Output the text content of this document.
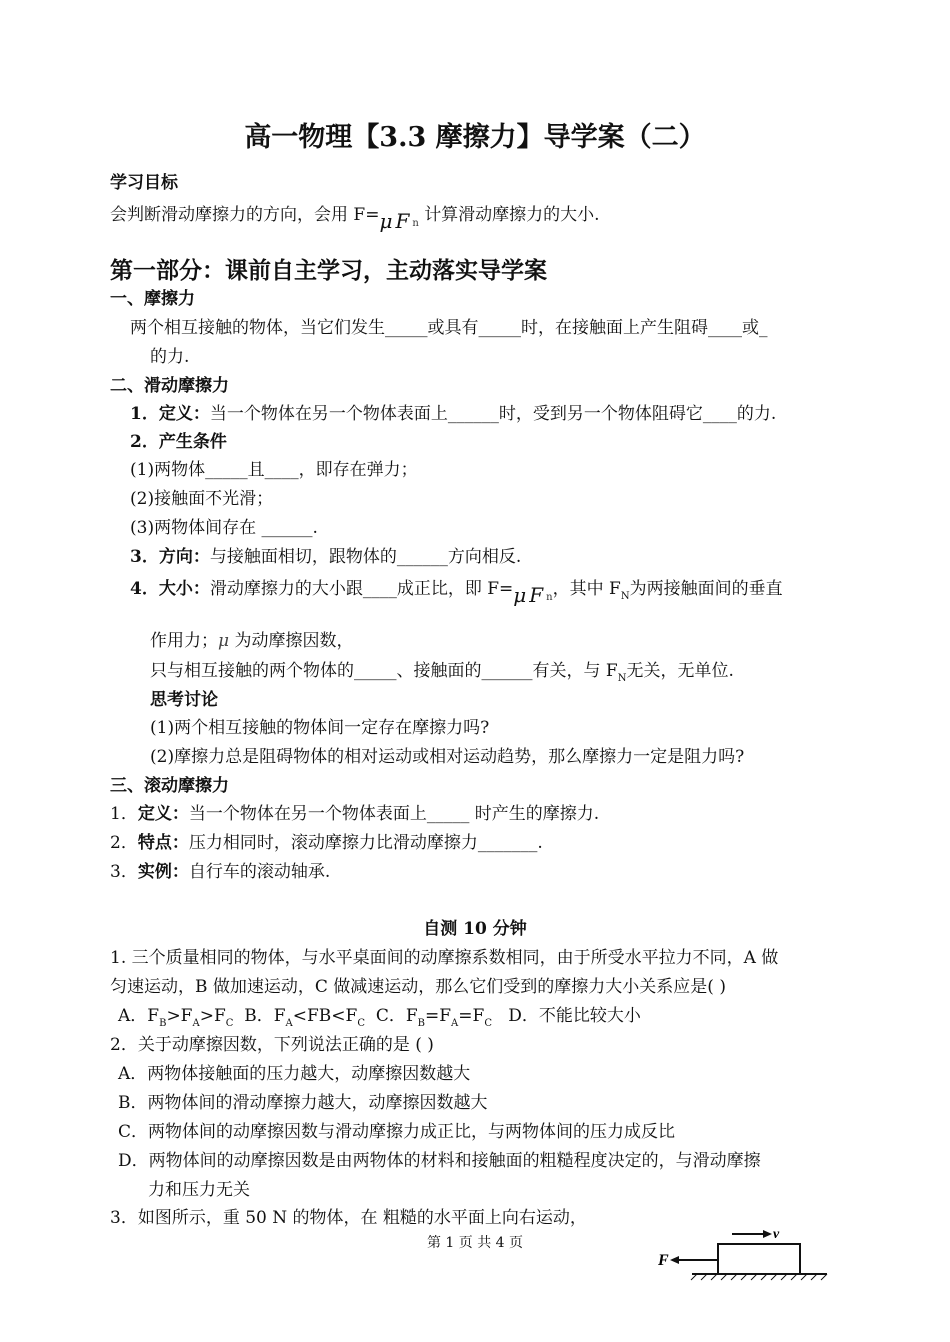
高一物理【3.3 摩擦力】导学案（二）
学习目标
会判断滑动摩擦力的方向，会用 $F=\mu F_n$ 计算滑动摩擦力的大小.
第一部分：课前自主学习，主动落实导学案
一、摩擦力
两个相互接触的物体，当它们发生_____或具有_____时，在接触面上产生阻碍____或_
的力.
二、滑动摩擦力
1．定义：当一个物体在另一个物体表面上______时，受到另一个物体阻碍它____的力.
2．产生条件
(1)两物体_____且____，即存在弹力；
(2)接触面不光滑；
(3)两物体间存在 ______.
3．方向：与接触面相切，跟物体的______方向相反.
4．大小：滑动摩擦力的大小跟____成正比，即 $F=\mu F_n$，其中 $F_N$为两接触面间的垂直
作用力；μ 为动摩擦因数，
只与相互接触的两个物体的_____、接触面的______有关，与 $F_N$无关，无单位.
思考讨论
(1)两个相互接触的物体间一定存在摩擦力吗?
(2)摩擦力总是阻碍物体的相对运动或相对运动趋势，那么摩擦力一定是阻力吗?
三、滚动摩擦力
1．定义：当一个物体在另一个物体表面上_____ 时产生的摩擦力.
2．特点：压力相同时，滚动摩擦力比滑动摩擦力_______.
3．实例：自行车的滚动轴承.
自测 10 分钟
1. 三个质量相同的物体，与水平桌面间的动摩擦系数相同，由于所受水平拉力不同，A 做
匀速运动，B 做加速运动，C 做减速运动，那么它们受到的摩擦力大小关系应是( )
A．$F_B>F_A>F_C$ B．$F_A<FB<F_C$ C．$F_B=F_A=F_C$ D．不能比较大小
2．关于动摩擦因数，下列说法正确的是 ( )
A．两物体接触面的压力越大，动摩擦因数越大
B．两物体间的滑动摩擦力越大，动摩擦因数越大
C．两物体间的动摩擦因数与滑动摩擦力成正比，与两物体间的压力成反比
D．两物体间的动摩擦因数是由两物体的材料和接触面的粗糙程度决定的，与滑动摩擦
力和压力无关
3．如图所示，重 50 N 的物体，在 粗糙的水平面上向右运动，
第 1 页 共 4 页
F
v
